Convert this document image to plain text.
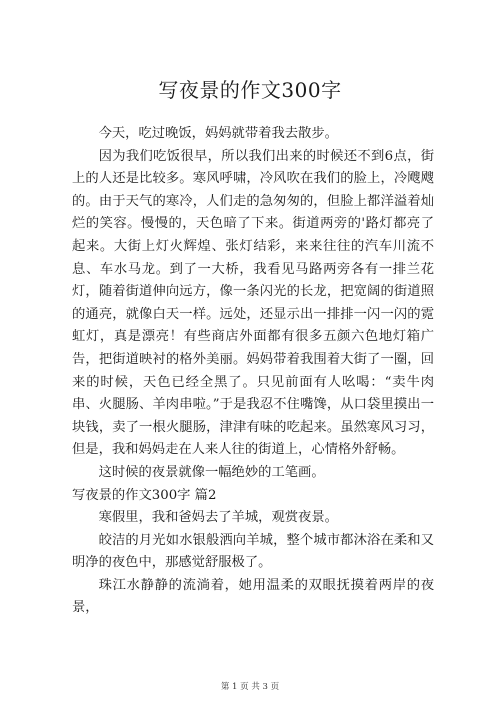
写夜景的作文300字

今天，吃过晚饭，妈妈就带着我去散步。

因为我们吃饭很早，所以我们出来的时候还不到6点，街上的人还是比较多。寒风呼啸，冷风吹在我们的脸上，冷飕飕的。由于天气的寒冷，人们走的急匆匆的，但脸上都洋溢着灿烂的笑容。慢慢的，天色暗了下来。街道两旁的'路灯都亮了起来。大街上灯火辉煌、张灯结彩，来来往往的汽车川流不息、车水马龙。到了一大桥，我看见马路两旁各有一排兰花灯，随着街道伸向远方，像一条闪光的长龙，把宽阔的街道照的通亮，就像白天一样。远处，还显示出一排排一闪一闪的霓虹灯，真是漂亮！有些商店外面都有很多五颜六色地灯箱广告，把街道映衬的格外美丽。妈妈带着我围着大街了一圈，回来的时候，天色已经全黑了。只见前面有人吆喝：“卖牛肉串、火腿肠、羊肉串啦。”于是我忍不住嘴馋，从口袋里摸出一块钱，卖了一根火腿肠，津津有味的吃起来。虽然寒风习习，但是，我和妈妈走在人来人往的街道上，心情格外舒畅。

这时候的夜景就像一幅绝妙的工笔画。

写夜景的作文300字 篇2

寒假里，我和爸妈去了羊城，观赏夜景。

皎洁的月光如水银般洒向羊城，整个城市都沐浴在柔和又明净的夜色中，那感觉舒服极了。

珠江水静静的流淌着，她用温柔的双眼抚摸着两岸的夜景，

第 1 页 共 3 页
